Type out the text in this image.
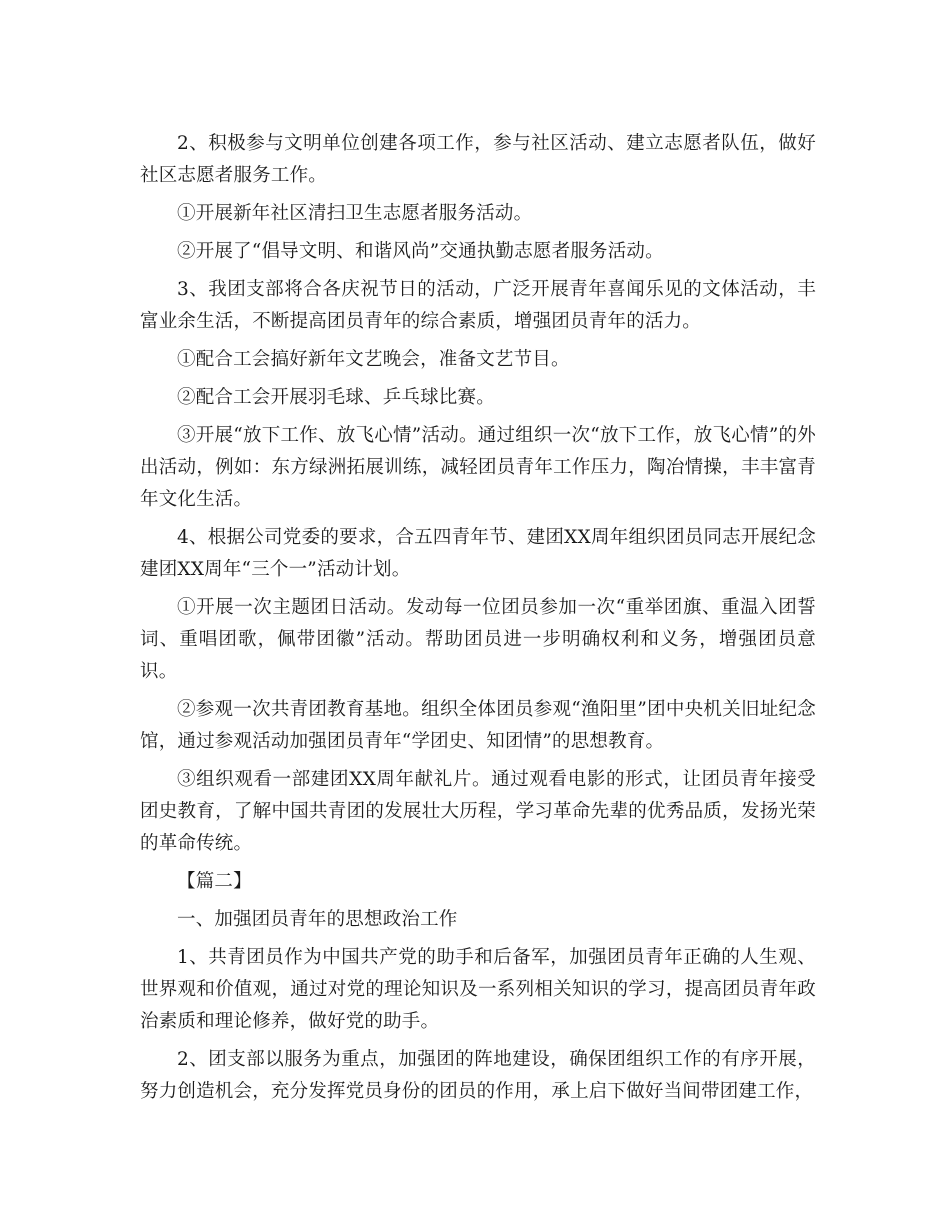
2、积极参与文明单位创建各项工作，参与社区活动、建立志愿者队伍，做好社区志愿者服务工作。

①开展新年社区清扫卫生志愿者服务活动。

②开展了“倡导文明、和谐风尚”交通执勤志愿者服务活动。

3、我团支部将合各庆祝节日的活动，广泛开展青年喜闻乐见的文体活动，丰富业余生活，不断提高团员青年的综合素质，增强团员青年的活力。

①配合工会搞好新年文艺晚会，准备文艺节目。

②配合工会开展羽毛球、乒乓球比赛。

③开展“放下工作、放飞心情”活动。通过组织一次“放下工作，放飞心情”的外出活动，例如：东方绿洲拓展训练，减轻团员青年工作压力，陶冶情操，丰丰富青年文化生活。

4、根据公司党委的要求，合五四青年节、建团XX周年组织团员同志开展纪念建团XX周年“三个一”活动计划。

①开展一次主题团日活动。发动每一位团员参加一次“重举团旗、重温入团誓词、重唱团歌，佩带团徽”活动。帮助团员进一步明确权利和义务，增强团员意识。

②参观一次共青团教育基地。组织全体团员参观“渔阳里”团中央机关旧址纪念馆，通过参观活动加强团员青年“学团史、知团情”的思想教育。

③组织观看一部建团XX周年献礼片。通过观看电影的形式，让团员青年接受团史教育，了解中国共青团的发展壮大历程，学习革命先辈的优秀品质，发扬光荣的革命传统。

【篇二】

一、加强团员青年的思想政治工作

1、共青团员作为中国共产党的助手和后备军，加强团员青年正确的人生观、世界观和价值观，通过对党的理论知识及一系列相关知识的学习，提高团员青年政治素质和理论修养，做好党的助手。

2、团支部以服务为重点，加强团的阵地建设，确保团组织工作的有序开展，努力创造机会，充分发挥党员身份的团员的作用，承上启下做好当间带团建工作，
